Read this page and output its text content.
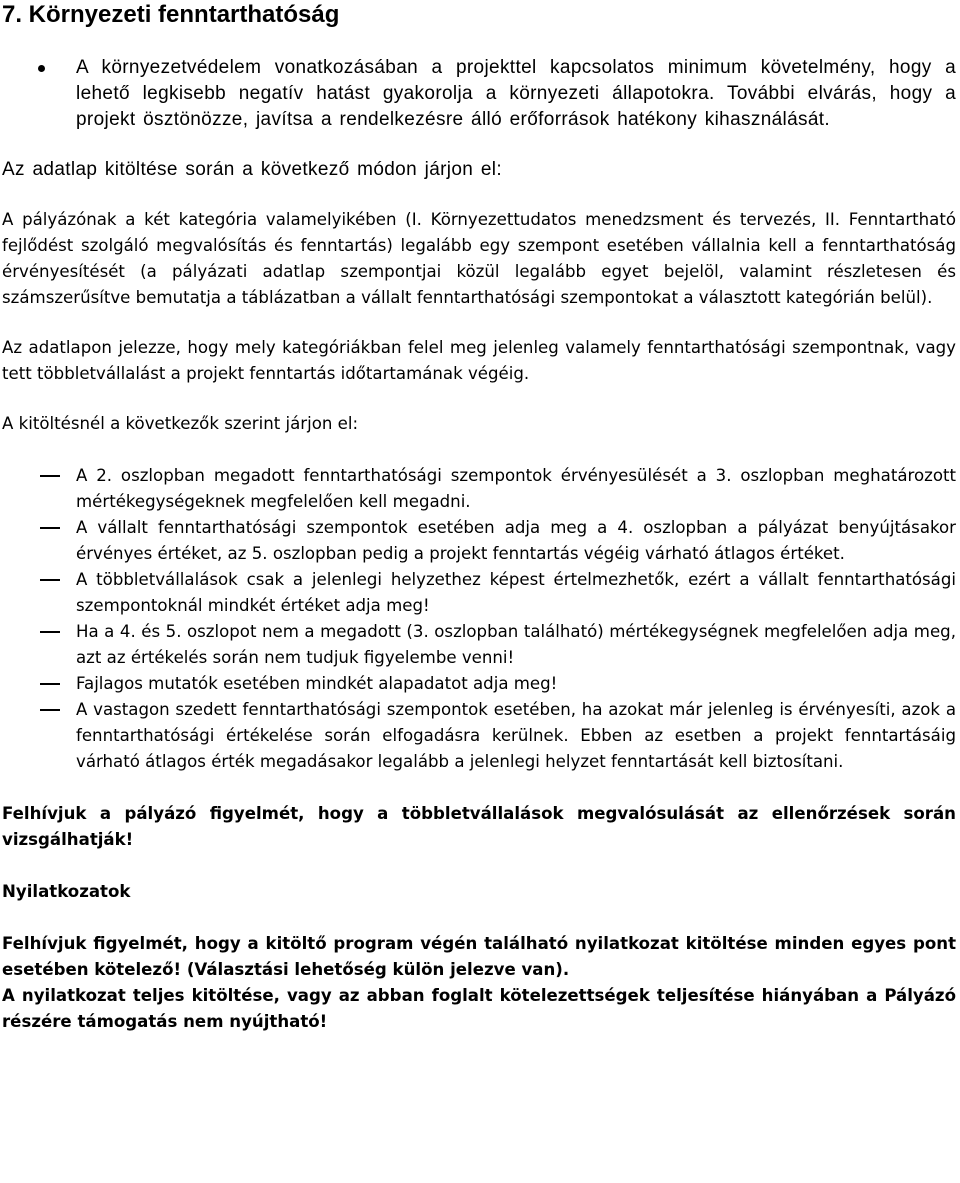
7. Környezeti fenntarthatóság
A környezetvédelem vonatkozásában a projekttel kapcsolatos minimum követelmény, hogy a lehető legkisebb negatív hatást gyakorolja a környezeti állapotokra. További elvárás, hogy a projekt ösztönözze, javítsa a rendelkezésre álló erőforrások hatékony kihasználását.

Az adatlap kitöltése során a következő módon járjon el:

A pályázónak a két kategória valamelyikében (I. Környezettudatos menedzsment és tervezés, II. Fenntartható fejlődést szolgáló megvalósítás és fenntartás) legalább egy szempont esetében vállalnia kell a fenntarthatóság érvényesítését (a pályázati adatlap szempontjai közül legalább egyet bejelöl, valamint részletesen és számszerűsítve bemutatja a táblázatban a vállalt fenntarthatósági szempontokat a választott kategórián belül).

Az adatlapon jelezze, hogy mely kategóriákban felel meg jelenleg valamely fenntarthatósági szempontnak, vagy tett többletvállalást a projekt fenntartás időtartamának végéig.

A kitöltésnél a következők szerint járjon el:

A 2. oszlopban megadott fenntarthatósági szempontok érvényesülését a 3. oszlopban meghatározott mértékegységeknek megfelelően kell megadni.
A vállalt fenntarthatósági szempontok esetében adja meg a 4. oszlopban a pályázat benyújtásakor érvényes értéket, az 5. oszlopban pedig a projekt fenntartás végéig várható átlagos értéket.
A többletvállalások csak a jelenlegi helyzethez képest értelmezhetők, ezért a vállalt fenntarthatósági szempontoknál mindkét értéket adja meg!
Ha a 4. és 5. oszlopot nem a megadott (3. oszlopban található) mértékegységnek megfelelően adja meg, azt az értékelés során nem tudjuk figyelembe venni!
Fajlagos mutatók esetében mindkét alapadatot adja meg!
A vastagon szedett fenntarthatósági szempontok esetében, ha azokat már jelenleg is érvényesíti, azok a fenntarthatósági értékelése során elfogadásra kerülnek. Ebben az esetben a projekt fenntartásáig várható átlagos érték megadásakor legalább a jelenlegi helyzet fenntartását kell biztosítani.

Felhívjuk a pályázó figyelmét, hogy a többletvállalások megvalósulását az ellenőrzések során vizsgálhatják!

Nyilatkozatok

Felhívjuk figyelmét, hogy a kitöltő program végén található nyilatkozat kitöltése minden egyes pont esetében kötelező! (Választási lehetőség külön jelezve van).

A nyilatkozat teljes kitöltése, vagy az abban foglalt kötelezettségek teljesítése hiányában a Pályázó részére támogatás nem nyújtható!
